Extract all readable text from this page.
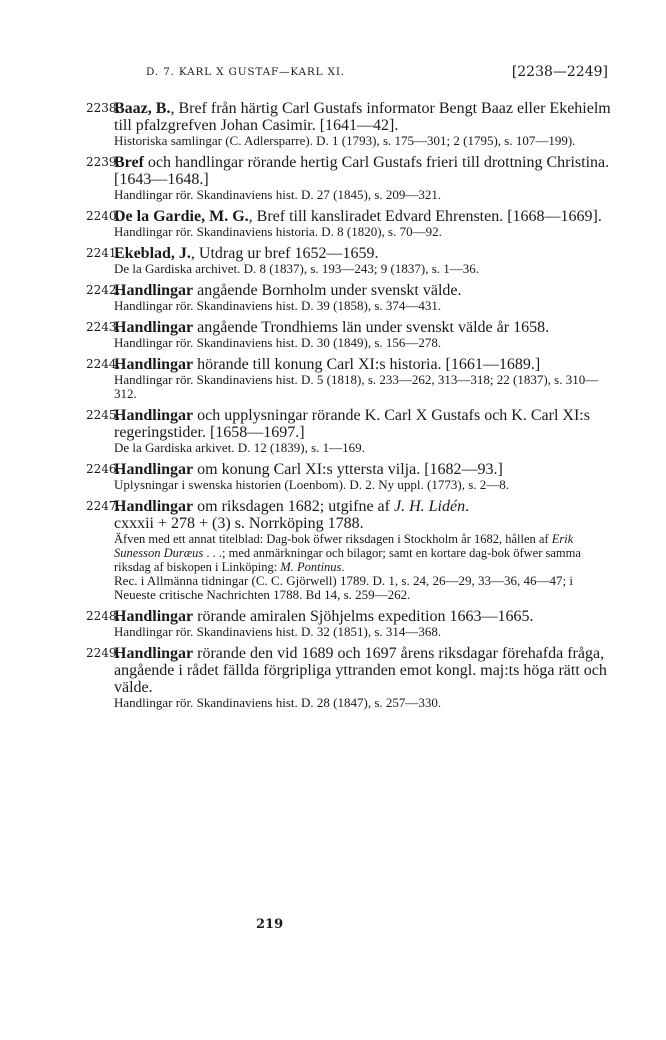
D. 7. KARL X GUSTAF—KARL XI.	[2238—2249]
2238.
Baaz, B., Bref från härtig Carl Gustafs informator Bengt Baaz eller Ekehielm till pfalzgrefven Johan Casimir. [1641—42].
Historiska samlingar (C. Adlersparre). D. 1 (1793), s. 175—301; 2 (1795), s. 107—199).
2239.
Bref och handlingar rörande hertig Carl Gustafs frieri till drottning Christina. [1643—1648.]
Handlingar rör. Skandinaviens hist. D. 27 (1845), s. 209—321.
2240.
De la Gardie, M. G., Bref till kansliradet Edvard Ehrensten. [1668—1669].
Handlingar rör. Skandinaviens historia. D. 8 (1820), s. 70—92.
2241.
Ekeblad, J., Utdrag ur bref 1652—1659.
De la Gardiska archivet. D. 8 (1837), s. 193—243; 9 (1837), s. 1—36.
2242.
Handlingar angående Bornholm under svenskt välde.
Handlingar rör. Skandinaviens hist. D. 39 (1858), s. 374—431.
2243.
Handlingar angående Trondhiems län under svenskt välde år 1658.
Handlingar rör. Skandinaviens hist. D. 30 (1849), s. 156—278.
2244.
Handlingar hörande till konung Carl XI:s historia. [1661—1689.]
Handlingar rör. Skandinaviens hist. D. 5 (1818), s. 233—262, 313—318; 22 (1837), s. 310—312.
2245.
Handlingar och upplysningar rörande K. Carl X Gustafs och K. Carl XI:s regeringstider. [1658—1697.]
De la Gardiska arkivet. D. 12 (1839), s. 1—169.
2246.
Handlingar om konung Carl XI:s yttersta vilja. [1682—93.]
Uplysningar i swenska historien (Loenbom). D. 2. Ny uppl. (1773), s. 2—8.
2247.
Handlingar om riksdagen 1682; utgifne af J. H. Lidén.
cxxxii + 278 + (3) s. Norrköping 1788.
Äfven med ett annat titelblad: Dag-bok öfwer riksdagen i Stockholm år 1682, hållen af Erik Sunesson Duræus . . .; med anmärkningar och bilagor; samt en kortare dag-bok öfwer samma riksdag af biskopen i Linköping: M. Pontinus.
Rec. i Allmänna tidningar (C. C. Gjörwell) 1789. D. 1, s. 24, 26—29, 33—36, 46—47; i Neueste critische Nachrichten 1788. Bd 14, s. 259—262.
2248.
Handlingar rörande amiralen Sjöhjelms expedition 1663—1665.
Handlingar rör. Skandinaviens hist. D. 32 (1851), s. 314—368.
2249.
Handlingar rörande den vid 1689 och 1697 årens riksdagar förehafda fråga, angående i rådet fällda förgripliga yttranden emot kongl. maj:ts höga rätt och välde.
Handlingar rör. Skandinaviens hist. D. 28 (1847), s. 257—330.
219
